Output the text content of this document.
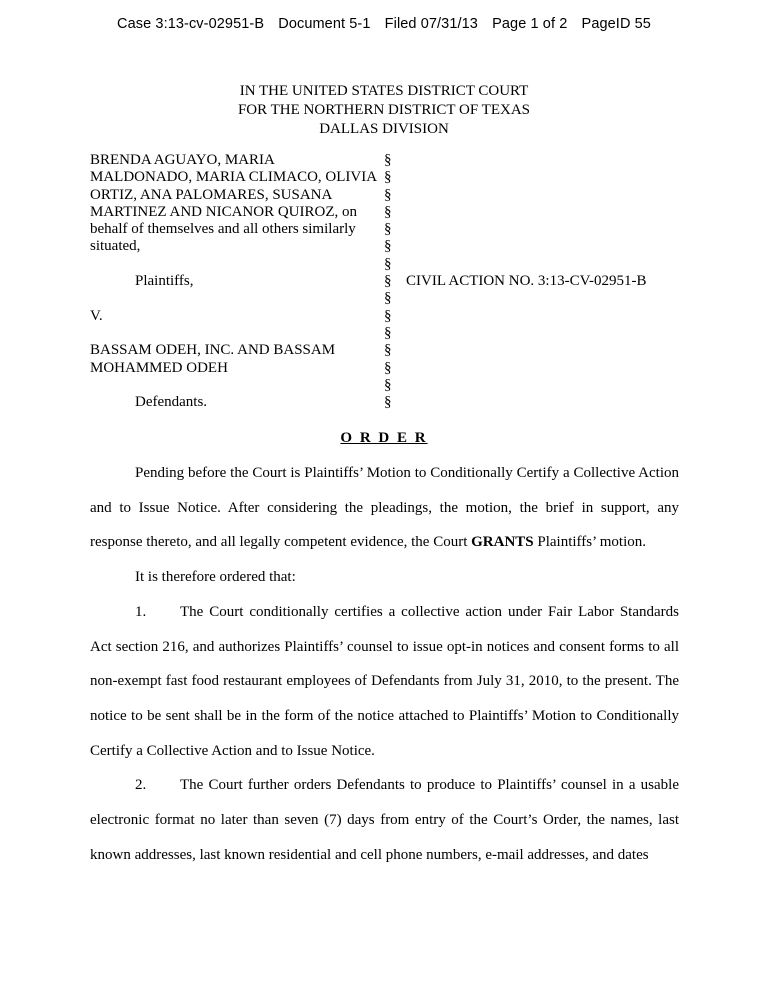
Case 3:13-cv-02951-B Document 5-1 Filed 07/31/13 Page 1 of 2 PageID 55
IN THE UNITED STATES DISTRICT COURT
FOR THE NORTHERN DISTRICT OF TEXAS
DALLAS DIVISION
BRENDA AGUAYO, MARIA	§
MALDONADO, MARIA CLIMACO, OLIVIA §
ORTIZ, ANA PALOMARES, SUSANA	§
MARTINEZ AND NICANOR QUIROZ, on §
behalf of themselves and all others similarly §
situated,	§
§
Plaintiffs,	§ CIVIL ACTION NO. 3:13-CV-02951-B
§
V.	§
§
BASSAM ODEH, INC. AND BASSAM	§
MOHAMMED ODEH	§
§
Defendants.	§
O R D E R

Pending before the Court is Plaintiffs’ Motion to Conditionally Certify a Collective Action and to Issue Notice. After considering the pleadings, the motion, the brief in support, any response thereto, and all legally competent evidence, the Court GRANTS Plaintiffs’ motion.

It is therefore ordered that:

1. The Court conditionally certifies a collective action under Fair Labor Standards Act section 216, and authorizes Plaintiffs’ counsel to issue opt-in notices and consent forms to all non-exempt fast food restaurant employees of Defendants from July 31, 2010, to the present. The notice to be sent shall be in the form of the notice attached to Plaintiffs’ Motion to Conditionally Certify a Collective Action and to Issue Notice.

2. The Court further orders Defendants to produce to Plaintiffs’ counsel in a usable electronic format no later than seven (7) days from entry of the Court’s Order, the names, last known addresses, last known residential and cell phone numbers, e-mail addresses, and dates
